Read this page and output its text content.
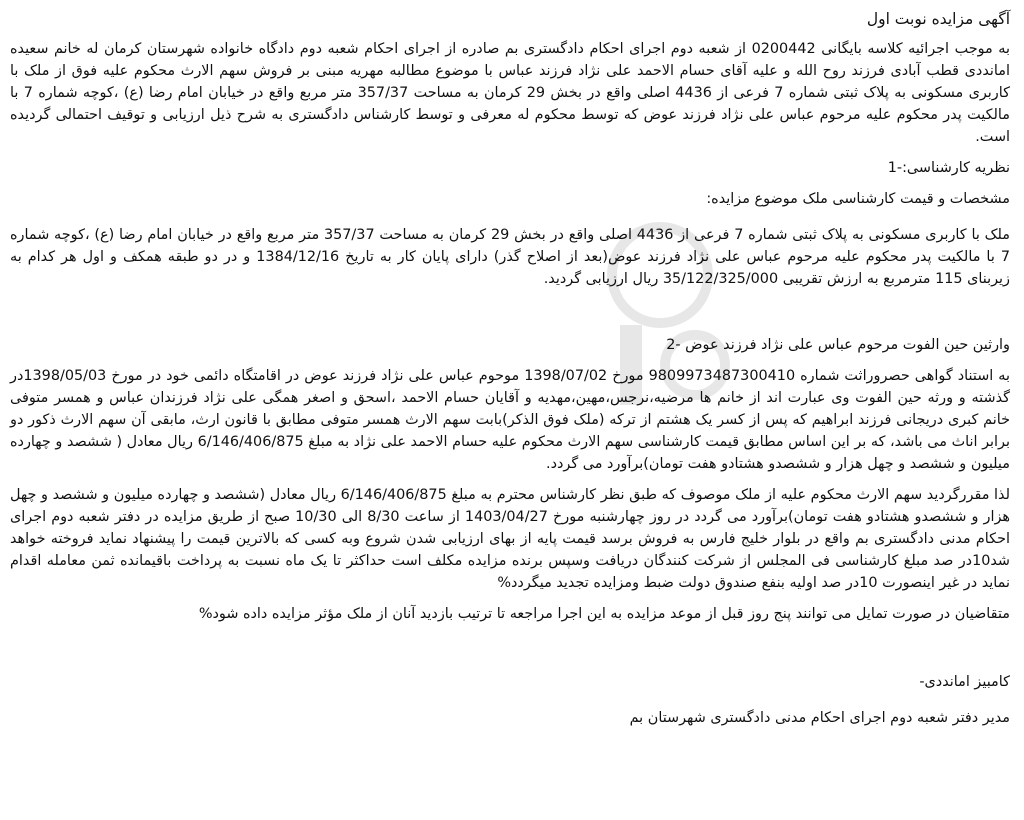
آگهی مزایده نوبت اول

به موجب اجرائیه کلاسه بایگانی 0200442 از شعبه دوم اجرای احکام دادگستری بم صادره از اجرای احکام شعبه دوم دادگاه خانواده شهرستان کرمان له خانم سعیده امانددی قطب آبادی فرزند روح الله و علیه آقای حسام الاحمد علی نژاد فرزند عباس با موضوع مطالبه مهریه مبنی بر فروش سهم الارث محکوم علیه فوق از ملک با کاربری مسکونی به پلاک ثبتی شماره 7 فرعی از 4436 اصلی واقع در بخش 29 کرمان به مساحت 357/37 متر مربع واقع در خیابان امام رضا (ع) ،کوچه شماره 7 با مالکیت پدر محکوم علیه مرحوم عباس علی نژاد فرزند عوض که توسط محکوم له معرفی و توسط کارشناس دادگستری به شرح ذیل ارزیابی و توقیف احتمالی گردیده است.

نظریه کارشناسی:-1

مشخصات و قیمت کارشناسی ملک موضوع مزایده:

ملک با کاربری مسکونی به پلاک ثبتی شماره 7 فرعی از 4436 اصلی واقع در بخش 29 کرمان به مساحت 357/37 متر مربع واقع در خیابان امام رضا (ع) ،کوچه شماره 7 با مالکیت پدر محکوم علیه مرحوم عباس علی نژاد فرزند عوض(بعد از اصلاح گذر) دارای پایان کار به تاریخ 1384/12/16 و در دو طبقه همکف و اول هر کدام به زیربنای 115 مترمربع به ارزش تقریبی 35/122/325/000 ریال ارزیابی گردید.

وارثین حین الفوت مرحوم عباس علی نژاد فرزند عوض -2

به استناد گواهی حصروراثت شماره 9809973487300410 مورخ 1398/07/02 موحوم عباس علی نژاد فرزند عوض در اقامتگاه دائمی خود در مورخ 1398/05/03در گذشته و ورثه حین الفوت وی عبارت اند از خانم ها مرضیه،نرجس،مهین،مهدیه و آقایان حسام الاحمد ،اسحق و اصغر همگی علی نژاد فرزندان عباس و همسر متوفی خانم کبری دریجانی فرزند ابراهیم که پس از کسر یک هشتم از ترکه (ملک فوق الذکر)بابت سهم الارث همسر متوفی مطابق با قانون ارث، مابقی آن سهم الارث ذکور دو برابر اناث می باشد، که بر این اساس مطابق قیمت کارشناسی سهم الارث محکوم علیه حسام الاحمد علی نژاد به مبلغ 6/146/406/875 ریال معادل ( ششصد و چهارده میلیون و ششصد و چهل هزار و ششصدو هشتادو هفت تومان)برآورد می گردد.

لذا مقررگردید سهم الارث محکوم علیه از ملک موصوف که طبق نظر کارشناس محترم به مبلغ 6/146/406/875 ریال معادل (ششصد و چهارده میلیون و ششصد و چهل هزار و ششصدو هشتادو هفت تومان)برآورد می گردد در روز چهارشنبه مورخ 1403/04/27 از ساعت 8/30 الی 10/30 صبح از طریق مزایده در دفتر شعبه دوم اجرای احکام مدنی دادگستری بم واقع در بلوار خلیج فارس به فروش برسد قیمت پایه از بهای ارزیابی شدن شروع وبه کسی که بالاترین قیمت را پیشنهاد نماید فروخته خواهد شد10در صد مبلغ کارشناسی فی المجلس از شرکت کنندگان دریافت وسپس برنده مزایده مکلف است حداکثر تا یک ماه نسبت به پرداخت باقیمانده ثمن معامله اقدام نماید در غیر اینصورت 10در صد اولیه بنفع صندوق دولت ضبط ومزایده تجدید میگردد%

متقاضیان در صورت تمایل می توانند پنج روز قبل از موعد مزایده به این اجرا مراجعه تا ترتیب بازدید آنان از ملک مؤثر مزایده داده شود%

کامبیز امانددی-

مدیر دفتر شعبه دوم اجرای احکام مدنی دادگستری شهرستان بم
